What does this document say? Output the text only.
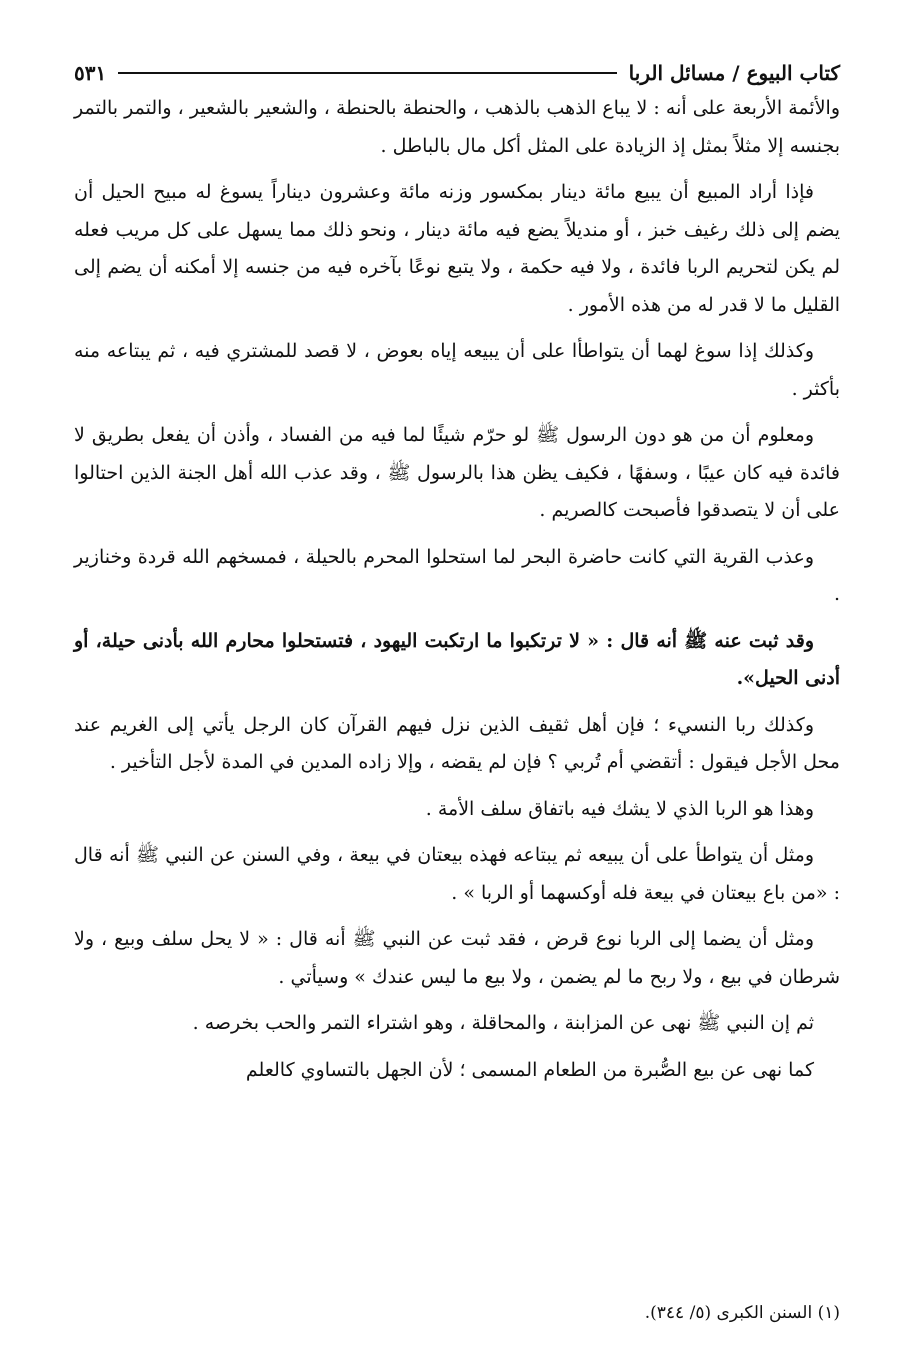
كتاب البيوع / مسائل الربا
٥٣١

والأئمة الأربعة على أنه : لا يباع الذهب بالذهب ، والحنطة بالحنطة ، والشعير بالشعير ، والتمر بالتمر بجنسه إلا مثلاً بمثل إذ الزيادة على المثل أكل مال بالباطل .

فإذا أراد المبيع أن يبيع مائة دينار بمكسور وزنه مائة وعشرون ديناراً يسوغ له مبيح الحيل أن يضم إلى ذلك رغيف خبز ، أو منديلاً يضع فيه مائة دينار ، ونحو ذلك مما يسهل على كل مريب فعله لم يكن لتحريم الربا فائدة ، ولا فيه حكمة ، ولا يتبع نوعًا بآخره فيه من جنسه إلا أمكنه أن يضم إلى القليل ما لا قدر له من هذه الأمور .

وكذلك إذا سوغ لهما أن يتواطأا على أن يبيعه إياه بعوض ، لا قصد للمشتري فيه ، ثم يبتاعه منه بأكثر .

ومعلوم أن من هو دون الرسول ﷺ لو حرّم شيئًا لما فيه من الفساد ، وأذن أن يفعل بطريق لا فائدة فيه كان عيبًا ، وسفهًا ، فكيف يظن هذا بالرسول ﷺ ، وقد عذب الله أهل الجنة الذين احتالوا على أن لا يتصدقوا فأصبحت كالصريم .

وعذب القرية التي كانت حاضرة البحر لما استحلوا المحرم بالحيلة ، فمسخهم الله قردة وخنازير .

وقد ثبت عنه ﷺ أنه قال : « لا ترتكبوا ما ارتكبت اليهود ، فتستحلوا محارم الله بأدنى حيلة، أو أدنى الحيل».

وكذلك ربا النسيء ؛ فإن أهل ثقيف الذين نزل فيهم القرآن كان الرجل يأتي إلى الغريم عند محل الأجل فيقول : أتقضي أم تُربي ؟ فإن لم يقضه ، وإلا زاده المدين في المدة لأجل التأخير .

وهذا هو الربا الذي لا يشك فيه باتفاق سلف الأمة .

ومثل أن يتواطأ على أن يبيعه ثم يبتاعه فهذه بيعتان في بيعة ، وفي السنن عن النبي ﷺ أنه قال : «من باع بيعتان في بيعة فله أوكسهما أو الربا » .

ومثل أن يضما إلى الربا نوع قرض ، فقد ثبت عن النبي ﷺ أنه قال : « لا يحل سلف وبيع ، ولا شرطان في بيع ، ولا ربح ما لم يضمن ، ولا بيع ما ليس عندك » وسيأتي .

ثم إن النبي ﷺ نهى عن المزابنة ، والمحاقلة ، وهو اشتراء التمر والحب بخرصه .

كما نهى عن بيع الصُّبرة من الطعام المسمى ؛ لأن الجهل بالتساوي كالعلم

(١) السنن الكبرى (٥/ ٣٤٤).
